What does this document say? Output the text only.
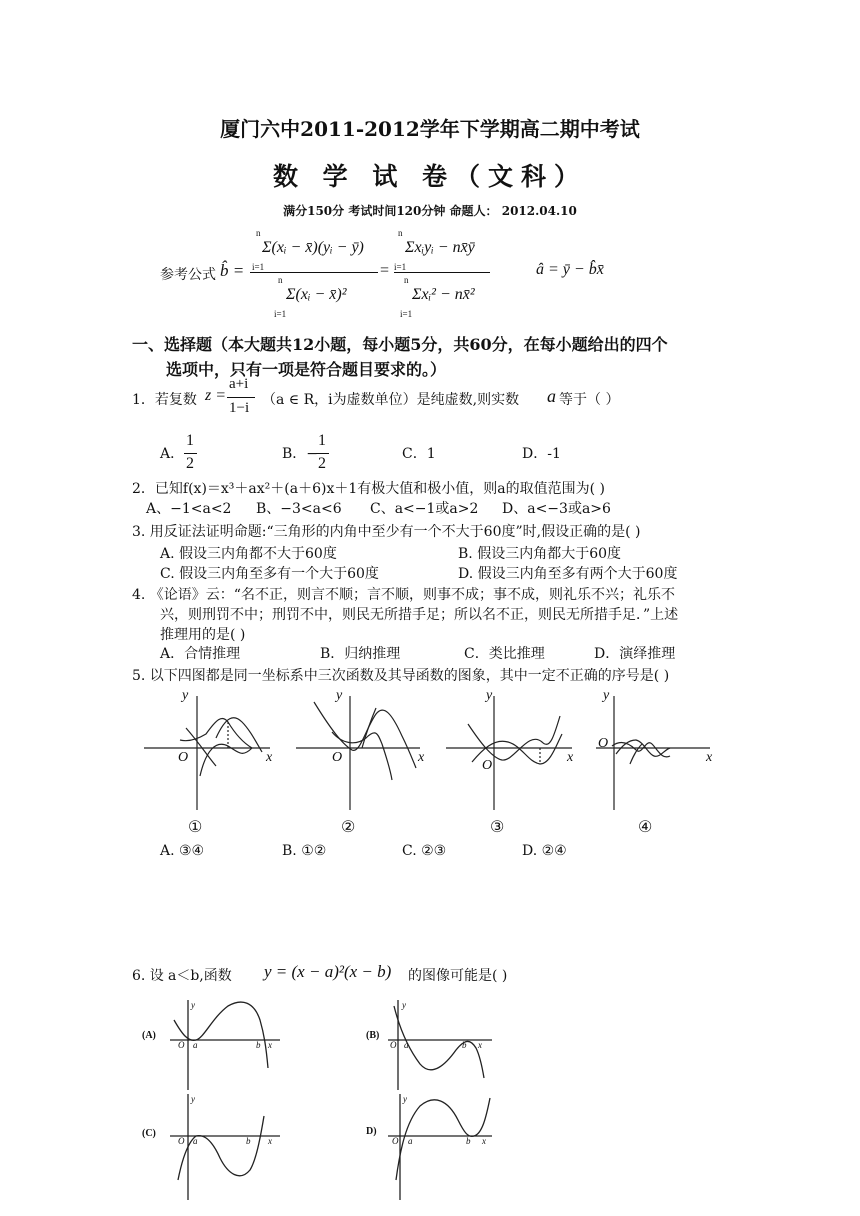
厦门六中2011-2012学年下学期高二期中考试
数 学 试 卷（文科）
满分150分 考试时间120分钟 命题人： 2012.04.10
参考公式 b̂ =
n
i=1
Σ(xᵢ − x̄)(yᵢ − ȳ)
n
i=1
Σ(xᵢ − x̄)²
=
n
i=1
Σxᵢyᵢ − nx̄ȳ
n
i=1
Σxᵢ² − nx̄²
â = ȳ − b̂x̄
一、选择题（本大题共12小题，每小题5分，共60分，在每小题给出的四个
选项中，只有一项是符合题目要求的。）
1．若复数 z =
a+i
1−i （a ∈ R，i为虚数单位）是纯虚数,则实数 a 等于（ ）
A．
1
2
B．−
1
2
C．1	D．-1
2．已知f(x)＝x³＋ax²＋(a＋6)x＋1有极大值和极小值，则a的取值范围为( )
A、−1<a<2 B、−3<a<6 C、a<−1或a>2 D、a<−3或a>6
3. 用反证法证明命题:“三角形的内角中至少有一个不大于60度”时,假设正确的是( )
A. 假设三内角都不大于60度	B. 假设三内角都大于60度
C. 假设三内角至多有一个大于60度	D. 假设三内角至多有两个大于60度
4. 《论语》云：“名不正，则言不顺；言不顺，则事不成；事不成，则礼乐不兴；礼乐不
兴，则刑罚不中；刑罚不中，则民无所措手足；所以名不正，则民无所措手足．”上述
推理用的是( )
A．合情推理	B．归纳推理	C．类比推理	D．演绎推理
5. 以下四图都是同一坐标系中三次函数及其导函数的图象，其中一定不正确的序号是( )
y
x
O
y
x
O
y
x
O
y
x
O
①	②	③	④
A. ③④	B. ①②	C. ②③	D. ②④
6. 设 a＜b,函数 y = (x − a)²(x − b) 的图像可能是( )
(A)	(B)
(C)	D)
y
O a	b x
y
O a	b x
y
O a	b x
y
O a	b x
